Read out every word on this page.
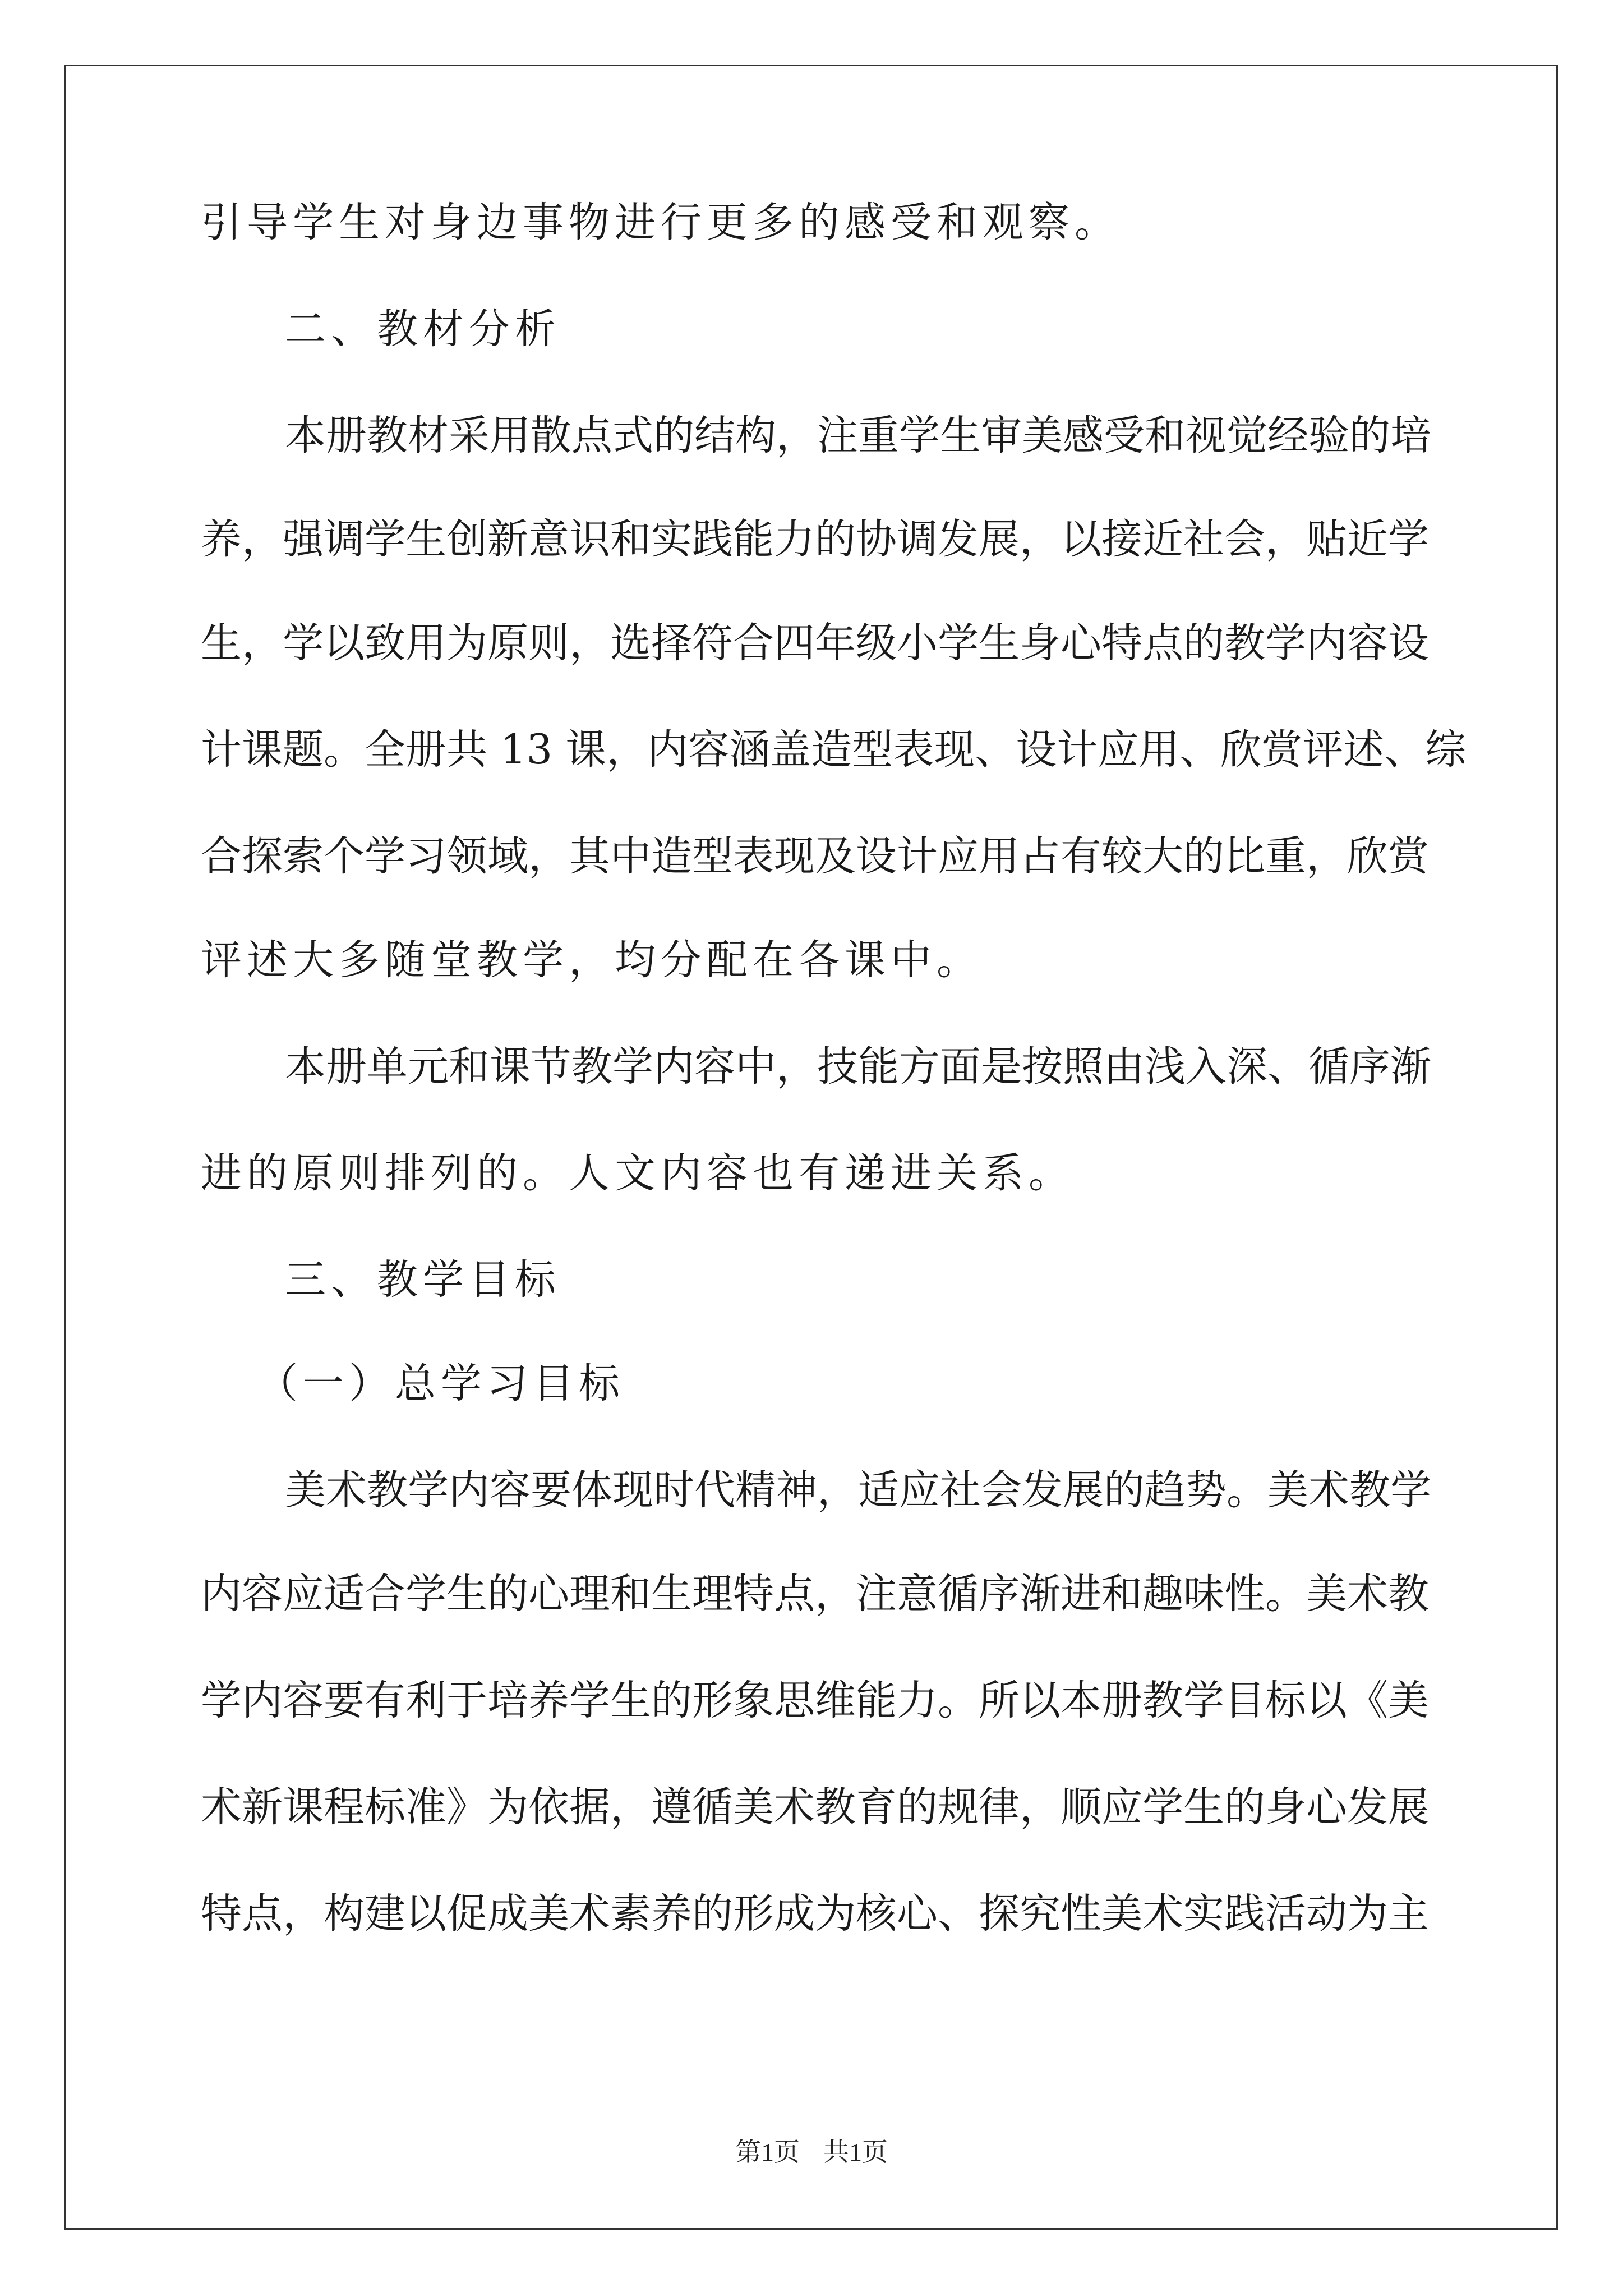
引导学生对身边事物进行更多的感受和观察。
二、教材分析
本册教材采用散点式的结构，注重学生审美感受和视觉经验的培
养，强调学生创新意识和实践能力的协调发展，以接近社会，贴近学
生，学以致用为原则，选择符合四年级小学生身心特点的教学内容设
计课题。全册共 13 课，内容涵盖造型表现、设计应用、欣赏评述、综
合探索个学习领域，其中造型表现及设计应用占有较大的比重，欣赏
评述大多随堂教学，均分配在各课中。
本册单元和课节教学内容中，技能方面是按照由浅入深、循序渐
进的原则排列的。人文内容也有递进关系。
三、教学目标
（一）总学习目标
美术教学内容要体现时代精神，适应社会发展的趋势。美术教学
内容应适合学生的心理和生理特点，注意循序渐进和趣味性。美术教
学内容要有利于培养学生的形象思维能力。所以本册教学目标以《美
术新课程标准》为依据，遵循美术教育的规律，顺应学生的身心发展
特点，构建以促成美术素养的形成为核心、探究性美术实践活动为主
第1页 共1页
